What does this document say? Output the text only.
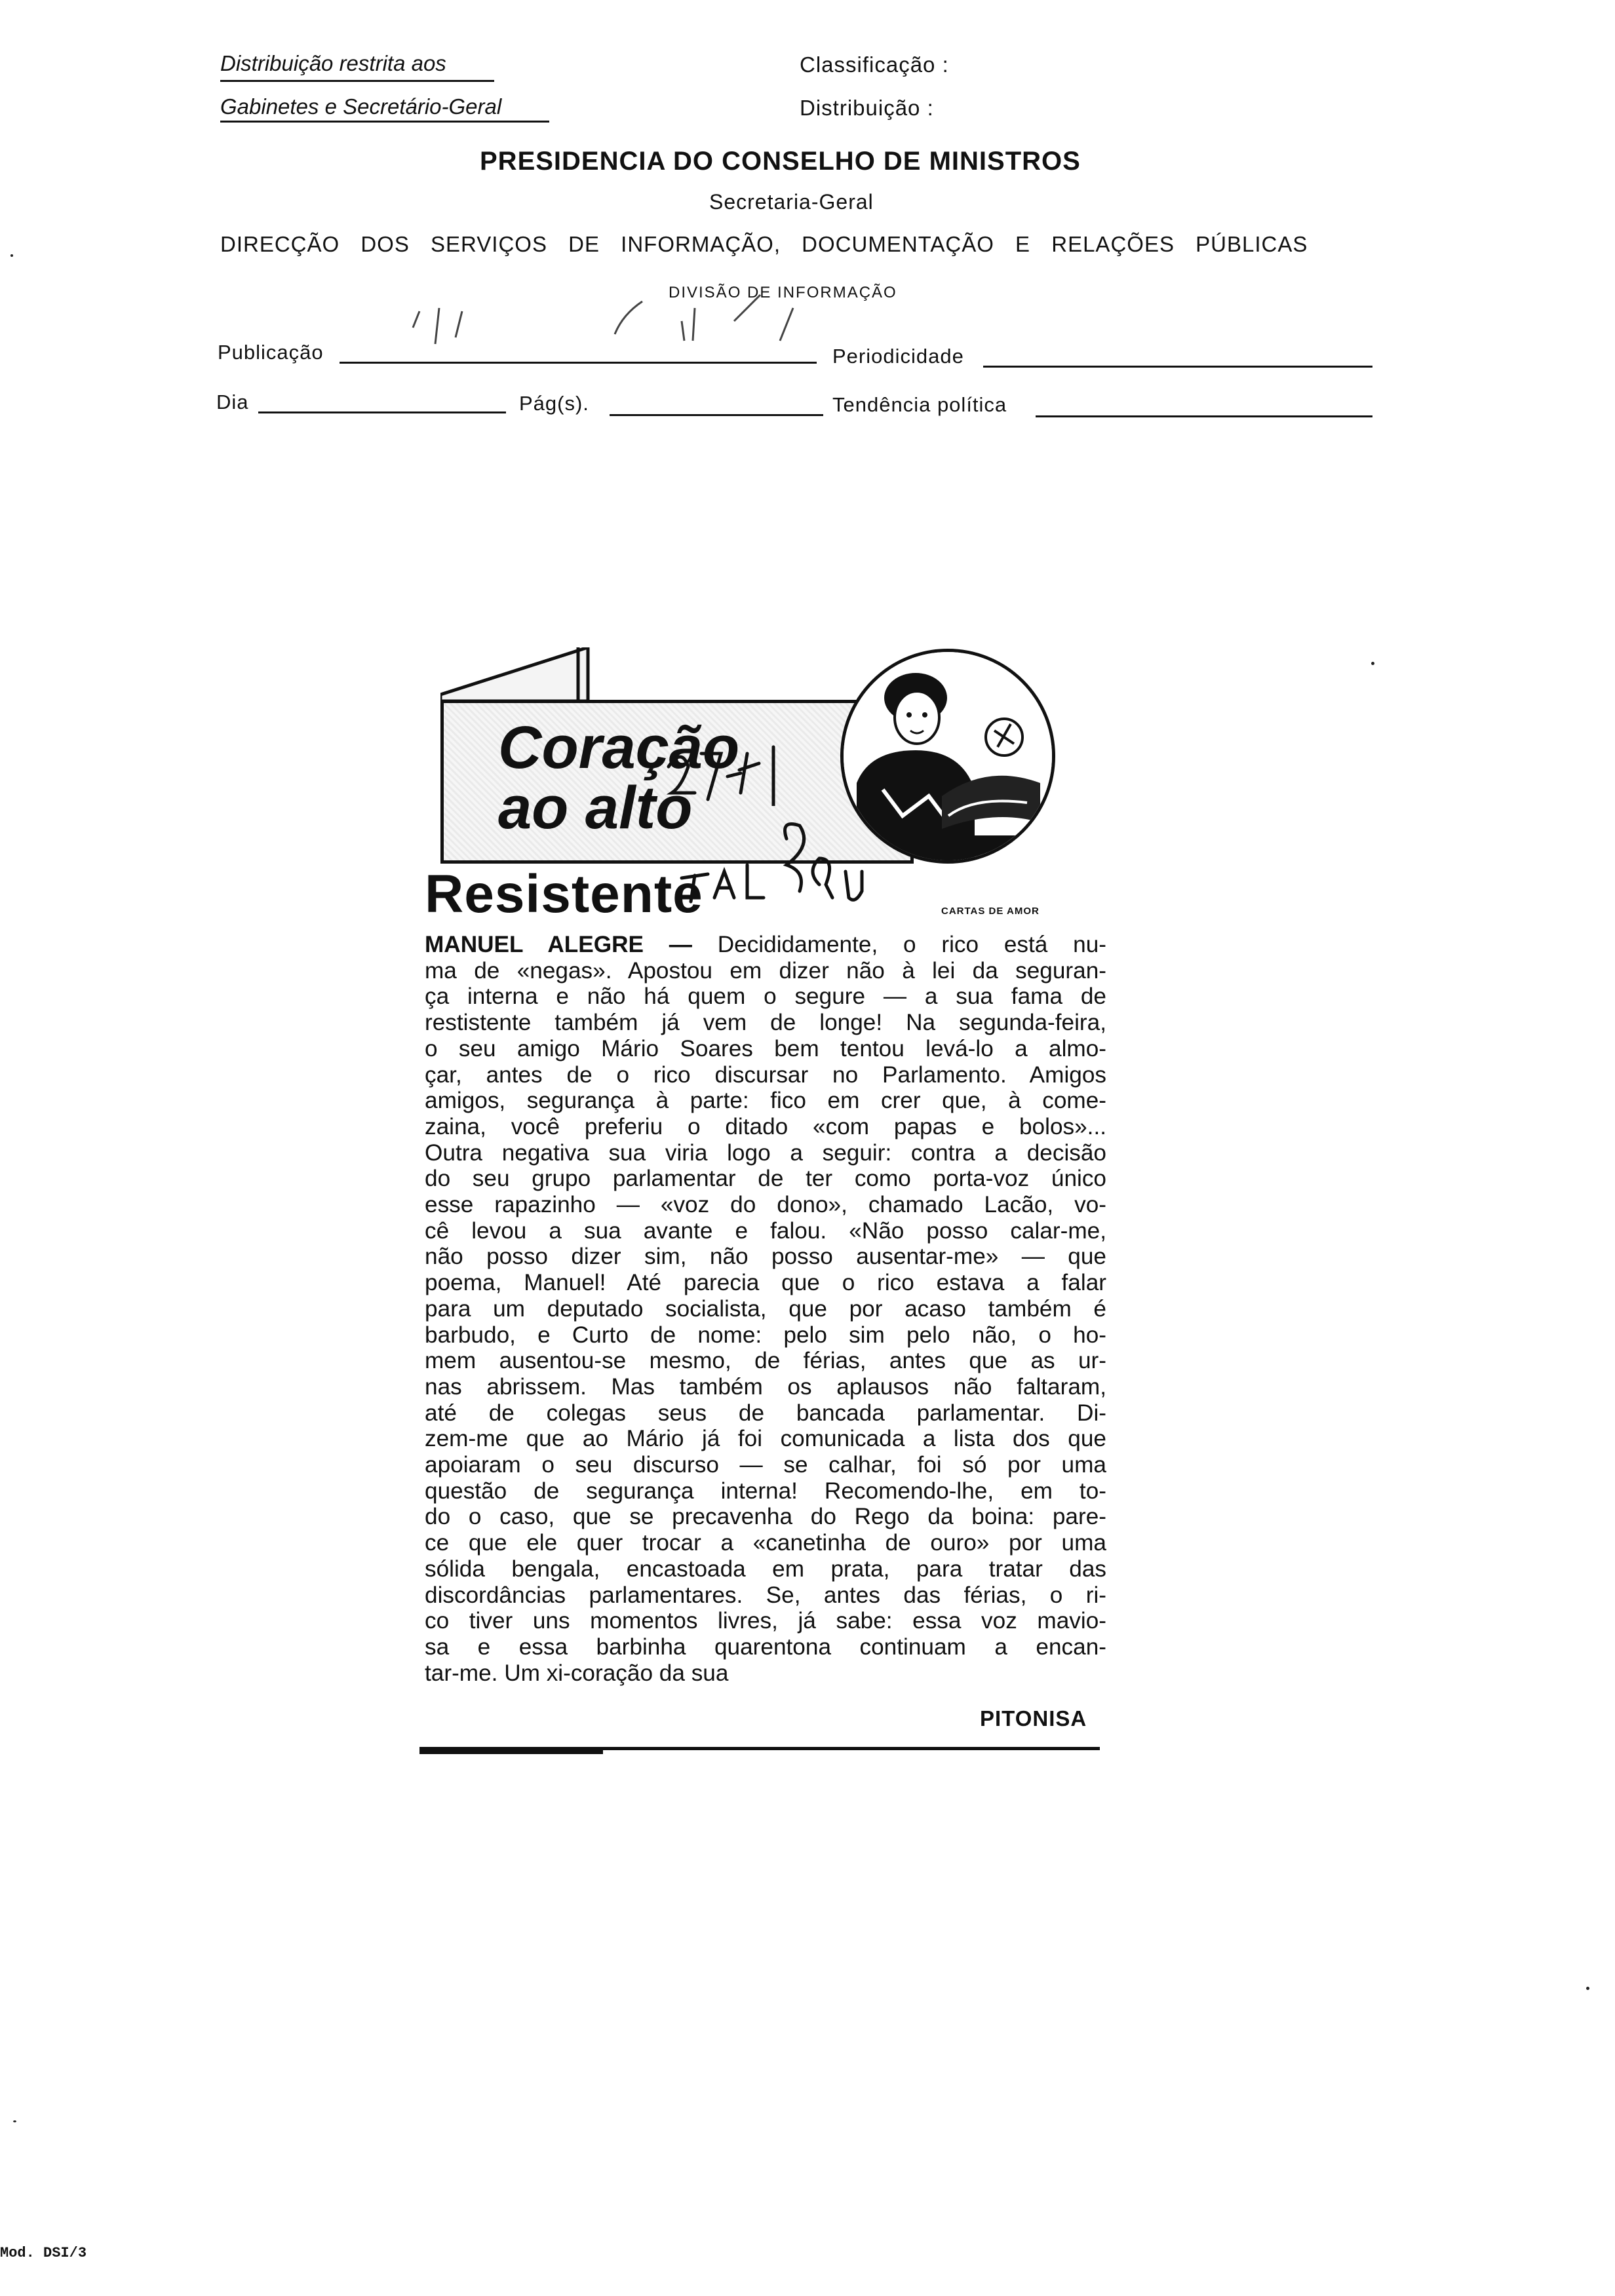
Distribuição restrita aos
Gabinetes e Secretário-Geral
Classificação :
Distribuição :
PRESIDENCIA DO CONSELHO DE MINISTROS
Secretaria-Geral
DIRECÇÃO DOS SERVIÇOS DE INFORMAÇÃO, DOCUMENTAÇÃO E RELAÇÕES PÚBLICAS
DIVISÃO DE INFORMAÇÃO
Publicação	Periodicidade
Dia	Pág(s).	Tendência política
Coração
ao alto
Resistente	CARTAS DE AMOR
MANUEL ALEGRE — Decididamente, o rico está nu-
ma de «negas». Apostou em dizer não à lei da seguran-
ça interna e não há quem o segure — a sua fama de
restistente também já vem de longe! Na segunda-feira,
o seu amigo Mário Soares bem tentou levá-lo a almo-
çar, antes de o rico discursar no Parlamento. Amigos
amigos, segurança à parte: fico em crer que, à come-
zaina, você preferiu o ditado «com papas e bolos»...
Outra negativa sua viria logo a seguir: contra a decisão
do seu grupo parlamentar de ter como porta-voz único
esse rapazinho — «voz do dono», chamado Lacão, vo-
cê levou a sua avante e falou. «Não posso calar-me,
não posso dizer sim, não posso ausentar-me» — que
poema, Manuel! Até parecia que o rico estava a falar
para um deputado socialista, que por acaso também é
barbudo, e Curto de nome: pelo sim pelo não, o ho-
mem ausentou-se mesmo, de férias, antes que as ur-
nas abrissem. Mas também os aplausos não faltaram,
até de colegas seus de bancada parlamentar. Di-
zem-me que ao Mário já foi comunicada a lista dos que
apoiaram o seu discurso — se calhar, foi só por uma
questão de segurança interna! Recomendo-lhe, em to-
do o caso, que se precavenha do Rego da boina: pare-
ce que ele quer trocar a «canetinha de ouro» por uma
sólida bengala, encastoada em prata, para tratar das
discordâncias parlamentares. Se, antes das férias, o ri-
co tiver uns momentos livres, já sabe: essa voz mavio-
sa e essa barbinha quarentona continuam a encan-
tar-me. Um xi-coração da sua
PITONISA
Mod. DSI/3
